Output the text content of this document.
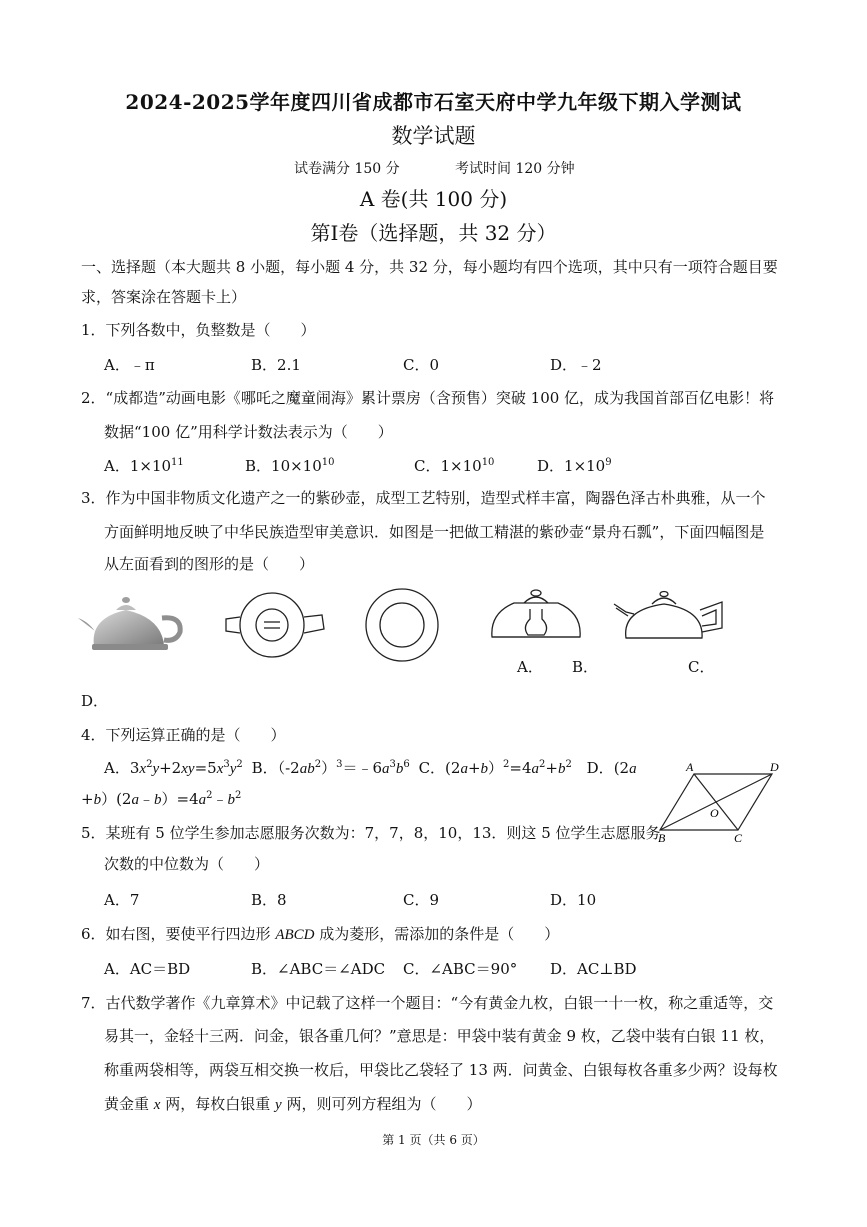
2024-2025学年度四川省成都市石室天府中学九年级下期入学测试
数学试题
试卷满分 150 分	考试时间 120 分钟
A 卷(共 100 分)
第Ⅰ卷（选择题，共 32 分）
一、选择题（本大题共 8 小题，每小题 4 分，共 32 分，每小题均有四个选项，其中只有一项符合题目要
求，答案涂在答题卡上）
1．下列各数中，负整数是（　　）
A．﹣π	B．2.1	C．0	D．﹣2
2．“成都造”动画电影《哪吒之魔童闹海》累计票房（含预售）突破 100 亿，成为我国首部百亿电影！将
数据“100 亿”用科学计数法表示为（　　）
A．$1\times 10^{11}$	B．$10\times 10^{10}$	C．$1\times 10^{10}$	D．$1\times 10^9$
3．作为中国非物质文化遗产之一的紫砂壶，成型工艺特别，造型式样丰富，陶器色泽古朴典雅，从一个
方面鲜明地反映了中华民族造型审美意识．如图是一把做工精湛的紫砂壶“景舟石瓢”，下面四幅图是
从左面看到的图形的是（　　）
A． B．	C．
D．
4．下列运算正确的是（　　）
A．$3x^2y+2xy=5x^3y^2$ B．$(-2ab^2)^3=﹣6a^3b^6$ C．$(2a+b)^2=4a^2+b^2$ D．(2a
$+b)(2a﹣b)=4a^2﹣b^2$
A	D
B	C
O
5．某班有 5 位学生参加志愿服务次数为：7，7，8，10，13．则这 5 位学生志愿服务
次数的中位数为（　　）
A．7	B．8	C．9	D．10
6．如右图，要使平行四边形 ABCD 成为菱形，需添加的条件是（　　）
A．AC＝BD	B．∠ABC＝∠ADC C．∠ABC＝90° D．AC⊥BD
7．古代数学著作《九章算术》中记载了这样一个题目：“今有黄金九枚，白银一十一枚，称之重适等，交
易其一，金轻十三两．问金，银各重几何？”意思是：甲袋中装有黄金 9 枚，乙袋中装有白银 11 枚，
称重两袋相等，两袋互相交换一枚后，甲袋比乙袋轻了 13 两．问黄金、白银每枚各重多少两？设每枚
黄金重 x 两，每枚白银重 y 两，则可列方程组为（　　）
第 1 页（共 6 页）
